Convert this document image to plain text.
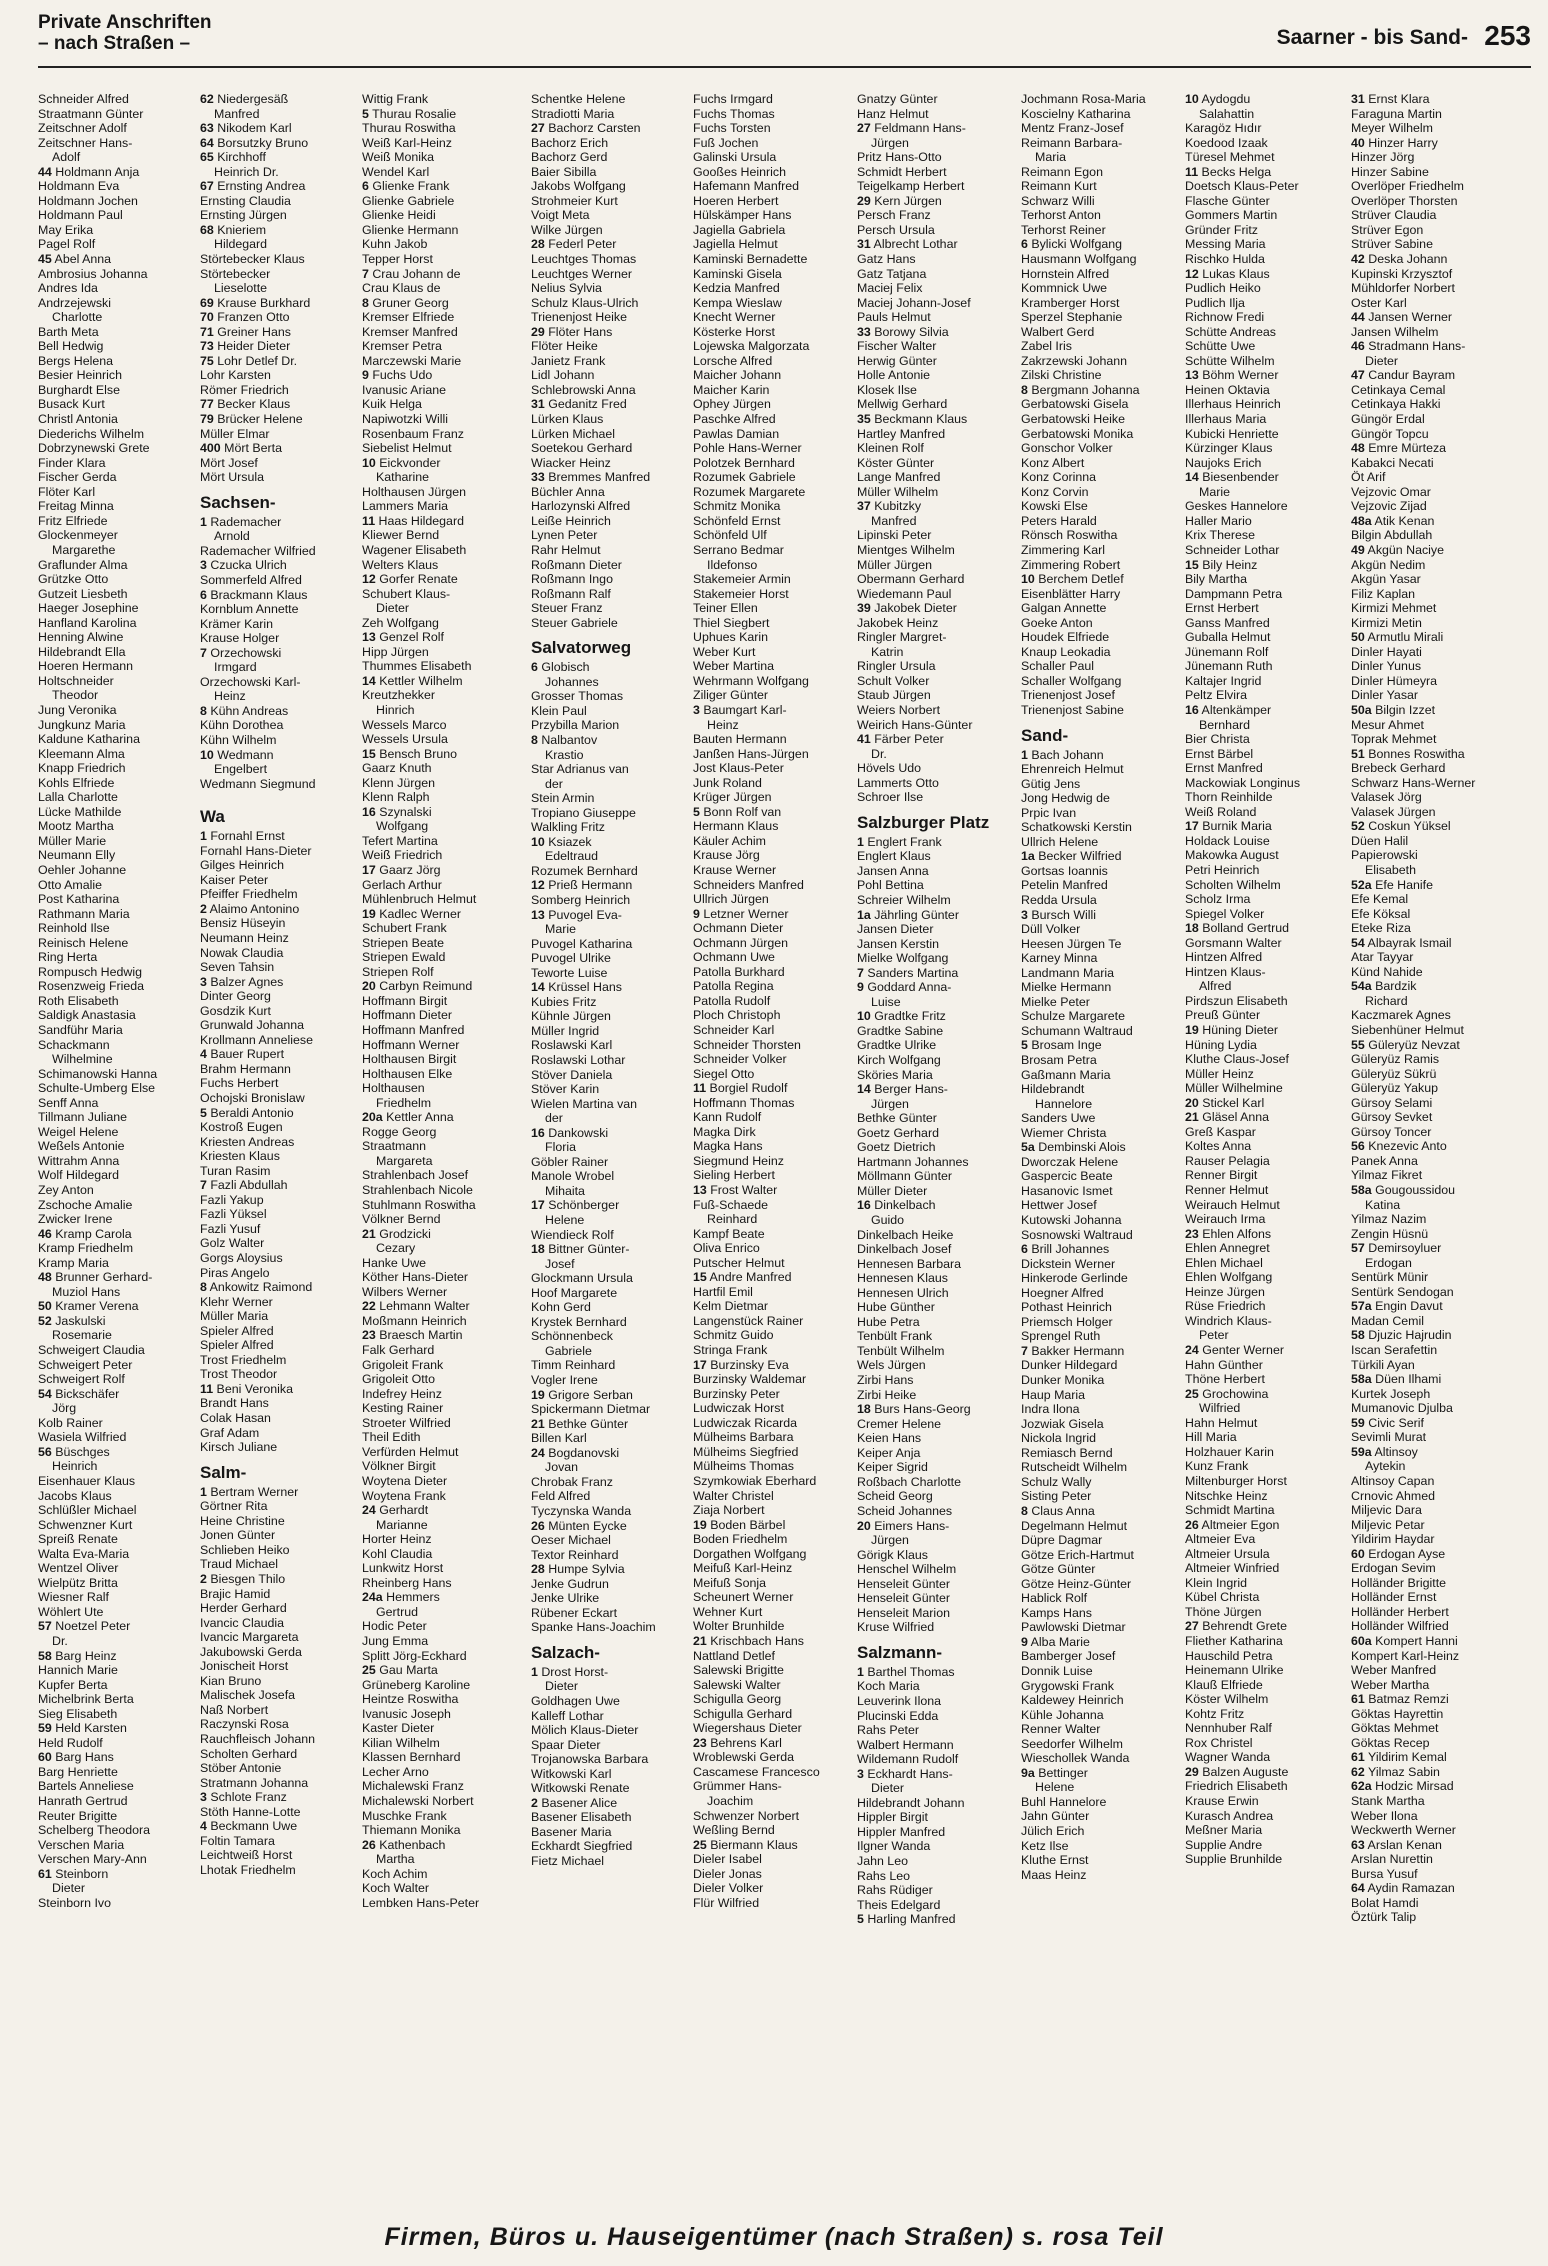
Private Anschriften
– nach Straßen –	Saarner - bis Sand- 253
Schneider Alfred
Straatmann Günter
Zeitschner Adolf
Zeitschner Hans-
Adolf
44 Holdmann Anja
Holdmann Eva
Holdmann Jochen
Holdmann Paul
May Erika
Pagel Rolf
45 Abel Anna
Ambrosius Johanna
Andres Ida
Andrzejewski
Charlotte
Barth Meta
Bell Hedwig
Bergs Helena
Besier Heinrich
Burghardt Else
Busack Kurt
Christl Antonia
Diederichs Wilhelm
Dobrzynewski Grete
Finder Klara
Fischer Gerda
Flöter Karl
Freitag Minna
Fritz Elfriede
Glockenmeyer
Margarethe
Graflunder Alma
Grützke Otto
Gutzeit Liesbeth
Haeger Josephine
Hanfland Karolina
Henning Alwine
Hildebrandt Ella
Hoeren Hermann
Holtschneider
Theodor
Jung Veronika
Jungkunz Maria
Kaldune Katharina
Kleemann Alma
Knapp Friedrich
Kohls Elfriede
Lalla Charlotte
Lücke Mathilde
Mootz Martha
Müller Marie
Neumann Elly
Oehler Johanne
Otto Amalie
Post Katharina
Rathmann Maria
Reinhold Ilse
Reinisch Helene
Ring Herta
Rompusch Hedwig
Rosenzweig Frieda
Roth Elisabeth
Saldigk Anastasia
Sandführ Maria
Schackmann
Wilhelmine
Schimanowski Hanna
Schulte-Umberg Else
Senff Anna
Tillmann Juliane
Weigel Helene
Weßels Antonie
Wittrahm Anna
Wolf Hildegard
Zey Anton
Zschoche Amalie
Zwicker Irene
46 Kramp Carola
Kramp Friedhelm
Kramp Maria
48 Brunner Gerhard-
Muziol Hans
50 Kramer Verena
52 Jaskulski
Rosemarie
Schweigert Claudia
Schweigert Peter
Schweigert Rolf
54 Bickschäfer
Jörg
Kolb Rainer
Wasiela Wilfried
56 Büschges
Heinrich
Eisenhauer Klaus
Jacobs Klaus
Schlüßler Michael
Schwenzner Kurt
Spreiß Renate
Walta Eva-Maria
Wentzel Oliver
Wielpütz Britta
Wiesner Ralf
Wöhlert Ute
57 Noetzel Peter
Dr.
58 Barg Heinz
Hannich Marie
Kupfer Berta
Michelbrink Berta
Sieg Elisabeth
59 Held Karsten
Held Rudolf
60 Barg Hans
Barg Henriette
Bartels Anneliese
Hanrath Gertrud
Reuter Brigitte
Schelberg Theodora
Verschen Maria
Verschen Mary-Ann
61 Steinborn
Dieter
Steinborn Ivo
62 Niedergesäß
Manfred
63 Nikodem Karl
64 Borsutzky Bruno
65 Kirchhoff
Heinrich Dr.
67 Ernsting Andrea
Ernsting Claudia
Ernsting Jürgen
68 Knieriem
Hildegard
Störtebecker Klaus
Störtebecker
Lieselotte
69 Krause Burkhard
70 Franzen Otto
71 Greiner Hans
73 Heider Dieter
75 Lohr Detlef Dr.
Lohr Karsten
Römer Friedrich
77 Becker Klaus
79 Brücker Helene
Müller Elmar
400 Mört Berta
Mört Josef
Mört Ursula
Sachsen-
1 Rademacher
Arnold
Rademacher Wilfried
3 Czucka Ulrich
Sommerfeld Alfred
6 Brackmann Klaus
Kornblum Annette
Krämer Karin
Krause Holger
7 Orzechowski
Irmgard
Orzechowski Karl-
Heinz
8 Kühn Andreas
Kühn Dorothea
Kühn Wilhelm
10 Wedmann
Engelbert
Wedmann Siegmund
Wa
1 Fornahl Ernst
Fornahl Hans-Dieter
Gilges Heinrich
Kaiser Peter
Pfeiffer Friedhelm
2 Alaimo Antonino
Bensiz Hüseyin
Neumann Heinz
Nowak Claudia
Seven Tahsin
3 Balzer Agnes
Dinter Georg
Gosdzik Kurt
Grunwald Johanna
Krollmann Anneliese
4 Bauer Rupert
Brahm Hermann
Fuchs Herbert
Ochojski Bronislaw
5 Beraldi Antonio
Kostroß Eugen
Kriesten Andreas
Kriesten Klaus
Turan Rasim
7 Fazli Abdullah
Fazli Yakup
Fazli Yüksel
Fazli Yusuf
Golz Walter
Gorgs Aloysius
Piras Angelo
8 Ankowitz Raimond
Klehr Werner
Müller Maria
Spieler Alfred
Spieler Alfred
Trost Friedhelm
Trost Theodor
11 Beni Veronika
Brandt Hans
Colak Hasan
Graf Adam
Kirsch Juliane
Salm-
1 Bertram Werner
Görtner Rita
Heine Christine
Jonen Günter
Schlieben Heiko
Traud Michael
2 Biesgen Thilo
Brajic Hamid
Herder Gerhard
Ivancic Claudia
Ivancic Margareta
Jakubowski Gerda
Jonischeit Horst
Kian Bruno
Malischek Josefa
Naß Norbert
Raczynski Rosa
Rauchfleisch Johann
Scholten Gerhard
Stöber Antonie
Stratmann Johanna
3 Schlote Franz
Stöth Hanne-Lotte
4 Beckmann Uwe
Foltin Tamara
Leichtweiß Horst
Lhotak Friedhelm
Wittig Frank
5 Thurau Rosalie
Thurau Roswitha
Weiß Karl-Heinz
Weiß Monika
Wendel Karl
6 Glienke Frank
Glienke Gabriele
Glienke Heidi
Glienke Hermann
Kuhn Jakob
Tepper Horst
7 Crau Johann de
Crau Klaus de
8 Gruner Georg
Kremser Elfriede
Kremser Manfred
Kremser Petra
Marczewski Marie
9 Fuchs Udo
Ivanusic Ariane
Kuik Helga
Napiwotzki Willi
Rosenbaum Franz
Siebelist Helmut
10 Eickvonder
Katharine
Holthausen Jürgen
Lammers Maria
11 Haas Hildegard
Kliewer Bernd
Wagener Elisabeth
Welters Klaus
12 Gorfer Renate
Schubert Klaus-
Dieter
Zeh Wolfgang
13 Genzel Rolf
Hipp Jürgen
Thummes Elisabeth
14 Kettler Wilhelm
Kreutzhekker
Hinrich
Wessels Marco
Wessels Ursula
15 Bensch Bruno
Gaarz Knuth
Klenn Jürgen
Klenn Ralph
16 Szynalski
Wolfgang
Tefert Martina
Weiß Friedrich
17 Gaarz Jörg
Gerlach Arthur
Mühlenbruch Helmut
19 Kadlec Werner
Schubert Frank
Striepen Beate
Striepen Ewald
Striepen Rolf
20 Carbyn Reimund
Hoffmann Birgit
Hoffmann Dieter
Hoffmann Manfred
Hoffmann Werner
Holthausen Birgit
Holthausen Elke
Holthausen
Friedhelm
20a Kettler Anna
Rogge Georg
Straatmann
Margareta
Strahlenbach Josef
Strahlenbach Nicole
Stuhlmann Roswitha
Völkner Bernd
21 Grodzicki
Cezary
Hanke Uwe
Köther Hans-Dieter
Wilbers Werner
22 Lehmann Walter
Moßmann Heinrich
23 Braesch Martin
Falk Gerhard
Grigoleit Frank
Grigoleit Otto
Indefrey Heinz
Kesting Rainer
Stroeter Wilfried
Theil Edith
Verfürden Helmut
Völkner Birgit
Woytena Dieter
Woytena Frank
24 Gerhardt
Marianne
Horter Heinz
Kohl Claudia
Lunkwitz Horst
Rheinberg Hans
24a Hemmers
Gertrud
Hodic Peter
Jung Emma
Splitt Jörg-Eckhard
25 Gau Marta
Grüneberg Karoline
Heintze Roswitha
Ivanusic Joseph
Kaster Dieter
Kilian Wilhelm
Klassen Bernhard
Lecher Arno
Michalewski Franz
Michalewski Norbert
Muschke Frank
Thiemann Monika
26 Kathenbach
Martha
Koch Achim
Koch Walter
Lembken Hans-Peter
Schentke Helene
Stradiotti Maria
27 Bachorz Carsten
Bachorz Erich
Bachorz Gerd
Baier Sibilla
Jakobs Wolfgang
Strohmeier Kurt
Voigt Meta
Wilke Jürgen
28 Federl Peter
Leuchtges Thomas
Leuchtges Werner
Nelius Sylvia
Schulz Klaus-Ulrich
Trienenjost Heike
29 Flöter Hans
Flöter Heike
Janietz Frank
Lidl Johann
Schlebrowski Anna
31 Gedanitz Fred
Lürken Klaus
Lürken Michael
Soetekou Gerhard
Wiacker Heinz
33 Bremmes Manfred
Büchler Anna
Harlozynski Alfred
Leiße Heinrich
Lynen Peter
Rahr Helmut
Roßmann Dieter
Roßmann Ingo
Roßmann Ralf
Steuer Franz
Steuer Gabriele
Salvatorweg
6 Globisch
Johannes
Grosser Thomas
Klein Paul
Przybilla Marion
8 Nalbantov
Krastio
Star Adrianus van
der
Stein Armin
Tropiano Giuseppe
Walkling Fritz
10 Ksiazek
Edeltraud
Rozumek Bernhard
12 Prieß Hermann
Somberg Heinrich
13 Puvogel Eva-
Marie
Puvogel Katharina
Puvogel Ulrike
Teworte Luise
14 Krüssel Hans
Kubies Fritz
Kühnle Jürgen
Müller Ingrid
Roslawski Karl
Roslawski Lothar
Stöver Daniela
Stöver Karin
Wielen Martina van
der
16 Dankowski
Floria
Göbler Rainer
Manole Wrobel
Mihaita
17 Schönberger
Helene
Wiendieck Rolf
18 Bittner Günter-
Josef
Glockmann Ursula
Hoof Margarete
Kohn Gerd
Krystek Bernhard
Schönnenbeck
Gabriele
Timm Reinhard
Vogler Irene
19 Grigore Serban
Spickermann Dietmar
21 Bethke Günter
Billen Karl
24 Bogdanovski
Jovan
Chrobak Franz
Feld Alfred
Tyczynska Wanda
26 Münten Eycke
Oeser Michael
Textor Reinhard
28 Humpe Sylvia
Jenke Gudrun
Jenke Ulrike
Rübener Eckart
Spanke Hans-Joachim
Salzach-
1 Drost Horst-
Dieter
Goldhagen Uwe
Kalleff Lothar
Mölich Klaus-Dieter
Spaar Dieter
Trojanowska Barbara
Witkowski Karl
Witkowski Renate
2 Basener Alice
Basener Elisabeth
Basener Maria
Eckhardt Siegfried
Fietz Michael
Fuchs Irmgard
Fuchs Thomas
Fuchs Torsten
Fuß Jochen
Galinski Ursula
Gooßes Heinrich
Hafemann Manfred
Hoeren Herbert
Hülskämper Hans
Jagiella Gabriela
Jagiella Helmut
Kaminski Bernadette
Kaminski Gisela
Kedzia Manfred
Kempa Wieslaw
Knecht Werner
Kösterke Horst
Lojewska Malgorzata
Lorsche Alfred
Maicher Johann
Maicher Karin
Ophey Jürgen
Paschke Alfred
Pawlas Damian
Pohle Hans-Werner
Polotzek Bernhard
Rozumek Gabriele
Rozumek Margarete
Schmitz Monika
Schönfeld Ernst
Schönfeld Ulf
Serrano Bedmar
Ildefonso
Stakemeier Armin
Stakemeier Horst
Teiner Ellen
Thiel Siegbert
Uphues Karin
Weber Kurt
Weber Martina
Wehrmann Wolfgang
Ziliger Günter
3 Baumgart Karl-
Heinz
Bauten Hermann
Janßen Hans-Jürgen
Jost Klaus-Peter
Junk Roland
Krüger Jürgen
5 Bonn Rolf van
Hermann Klaus
Käuler Achim
Krause Jörg
Krause Werner
Schneiders Manfred
Ullrich Jürgen
9 Letzner Werner
Ochmann Dieter
Ochmann Jürgen
Ochmann Uwe
Patolla Burkhard
Patolla Regina
Patolla Rudolf
Ploch Christoph
Schneider Karl
Schneider Thorsten
Schneider Volker
Siegel Otto
11 Borgiel Rudolf
Hoffmann Thomas
Kann Rudolf
Magka Dirk
Magka Hans
Siegmund Heinz
Sieling Herbert
13 Frost Walter
Fuß-Schaede
Reinhard
Kampf Beate
Oliva Enrico
Putscher Helmut
15 Andre Manfred
Hartfil Emil
Kelm Dietmar
Langenstück Rainer
Schmitz Guido
Stringa Frank
17 Burzinsky Eva
Burzinsky Waldemar
Burzinsky Peter
Ludwiczak Horst
Ludwiczak Ricarda
Mülheims Barbara
Mülheims Siegfried
Mülheims Thomas
Szymkowiak Eberhard
Walter Christel
Ziaja Norbert
19 Boden Bärbel
Boden Friedhelm
Dorgathen Wolfgang
Meifuß Karl-Heinz
Meifuß Sonja
Scheunert Werner
Wehner Kurt
Wolter Brunhilde
21 Krischbach Hans
Nattland Detlef
Salewski Brigitte
Salewski Walter
Schigulla Georg
Schigulla Gerhard
Wiegershaus Dieter
23 Behrens Karl
Wroblewski Gerda
Cascamese Francesco
Grümmer Hans-
Joachim
Schwenzer Norbert
Weßling Bernd
25 Biermann Klaus
Dieler Isabel
Dieler Jonas
Dieler Volker
Flür Wilfried
Gnatzy Günter
Hanz Helmut
27 Feldmann Hans-
Jürgen
Pritz Hans-Otto
Schmidt Herbert
Teigelkamp Herbert
29 Kern Jürgen
Persch Franz
Persch Ursula
31 Albrecht Lothar
Gatz Hans
Gatz Tatjana
Maciej Felix
Maciej Johann-Josef
Pauls Helmut
33 Borowy Silvia
Fischer Walter
Herwig Günter
Holle Antonie
Klosek Ilse
Mellwig Gerhard
35 Beckmann Klaus
Hartley Manfred
Kleinen Rolf
Köster Günter
Lange Manfred
Müller Wilhelm
37 Kubitzky
Manfred
Lipinski Peter
Mientges Wilhelm
Müller Jürgen
Obermann Gerhard
Wiedemann Paul
39 Jakobek Dieter
Jakobek Heinz
Ringler Margret-
Katrin
Ringler Ursula
Schult Volker
Staub Jürgen
Weiers Norbert
Weirich Hans-Günter
41 Färber Peter
Dr.
Hövels Udo
Lammerts Otto
Schroer Ilse
Salzburger Platz
1 Englert Frank
Englert Klaus
Jansen Anna
Pohl Bettina
Schreier Wilhelm
1a Jährling Günter
Jansen Dieter
Jansen Kerstin
Mielke Wolfgang
7 Sanders Martina
9 Goddard Anna-
Luise
10 Gradtke Fritz
Gradtke Sabine
Gradtke Ulrike
Kirch Wolfgang
Sköries Maria
14 Berger Hans-
Jürgen
Bethke Günter
Goetz Gerhard
Goetz Dietrich
Hartmann Johannes
Möllmann Günter
Müller Dieter
16 Dinkelbach
Guido
Dinkelbach Heike
Dinkelbach Josef
Hennesen Barbara
Hennesen Klaus
Hennesen Ulrich
Hube Günther
Hube Petra
Tenbült Frank
Tenbült Wilhelm
Wels Jürgen
Zirbi Hans
Zirbi Heike
18 Burs Hans-Georg
Cremer Helene
Keien Hans
Keiper Anja
Keiper Sigrid
Roßbach Charlotte
Scheid Georg
Scheid Johannes
20 Eimers Hans-
Jürgen
Görigk Klaus
Henschel Wilhelm
Henseleit Günter
Henseleit Günter
Henseleit Marion
Kruse Wilfried
Salzmann-
1 Barthel Thomas
Koch Maria
Leuverink Ilona
Plucinski Edda
Rahs Peter
Walbert Hermann
Wildemann Rudolf
3 Eckhardt Hans-
Dieter
Hildebrandt Johann
Hippler Birgit
Hippler Manfred
Ilgner Wanda
Jahn Leo
Rahs Leo
Rahs Rüdiger
Theis Edelgard
5 Harling Manfred
Jochmann Rosa-Maria
Koscielny Katharina
Mentz Franz-Josef
Reimann Barbara-
Maria
Reimann Egon
Reimann Kurt
Schwarz Willi
Terhorst Anton
Terhorst Reiner
6 Bylicki Wolfgang
Hausmann Wolfgang
Hornstein Alfred
Kommnick Uwe
Kramberger Horst
Sperzel Stephanie
Walbert Gerd
Zabel Iris
Zakrzewski Johann
Zilski Christine
8 Bergmann Johanna
Gerbatowski Gisela
Gerbatowski Heike
Gerbatowski Monika
Gonschor Volker
Konz Albert
Konz Corinna
Konz Corvin
Kowski Else
Peters Harald
Rönsch Roswitha
Zimmering Karl
Zimmering Robert
10 Berchem Detlef
Eisenblätter Harry
Galgan Annette
Goeke Anton
Houdek Elfriede
Knaup Leokadia
Schaller Paul
Schaller Wolfgang
Trienenjost Josef
Trienenjost Sabine
Sand-
1 Bach Johann
Ehrenreich Helmut
Gütig Jens
Jong Hedwig de
Prpic Ivan
Schatkowski Kerstin
Ullrich Helene
1a Becker Wilfried
Gortsas Ioannis
Petelin Manfred
Redda Ursula
3 Bursch Willi
Düll Volker
Heesen Jürgen Te
Karney Minna
Landmann Maria
Mielke Hermann
Mielke Peter
Schulze Margarete
Schumann Waltraud
5 Brosam Inge
Brosam Petra
Gaßmann Maria
Hildebrandt
Hannelore
Sanders Uwe
Wiemer Christa
5a Dembinski Alois
Dworczak Helene
Gaspercic Beate
Hasanovic Ismet
Hettwer Josef
Kutowski Johanna
Sosnowski Waltraud
6 Brill Johannes
Dickstein Werner
Hinkerode Gerlinde
Hoegner Alfred
Pothast Heinrich
Priemsch Holger
Sprengel Ruth
7 Bakker Hermann
Dunker Hildegard
Dunker Monika
Haup Maria
Indra Ilona
Jozwiak Gisela
Nickola Ingrid
Remiasch Bernd
Rutscheidt Wilhelm
Schulz Wally
Sisting Peter
8 Claus Anna
Degelmann Helmut
Düpre Dagmar
Götze Erich-Hartmut
Götze Günter
Götze Heinz-Günter
Hablick Rolf
Kamps Hans
Pawlowski Dietmar
9 Alba Marie
Bamberger Josef
Donnik Luise
Grygowski Frank
Kaldewey Heinrich
Kühle Johanna
Renner Walter
Seedorfer Wilhelm
Wieschollek Wanda
9a Bettinger
Helene
Buhl Hannelore
Jahn Günter
Jülich Erich
Ketz Ilse
Kluthe Ernst
Maas Heinz
10 Aydogdu
Salahattin
Karagöz Hıdır
Koedood Izaak
Türesel Mehmet
11 Becks Helga
Doetsch Klaus-Peter
Flasche Günter
Gommers Martin
Gründer Fritz
Messing Maria
Rischko Hulda
12 Lukas Klaus
Pudlich Heiko
Pudlich Ilja
Richnow Fredi
Schütte Andreas
Schütte Uwe
Schütte Wilhelm
13 Böhm Werner
Heinen Oktavia
Illerhaus Heinrich
Illerhaus Maria
Kubicki Henriette
Kürzinger Klaus
Naujoks Erich
14 Biesenbender
Marie
Geskes Hannelore
Haller Mario
Krix Therese
Schneider Lothar
15 Bily Heinz
Bily Martha
Dampmann Petra
Ernst Herbert
Ganss Manfred
Guballa Helmut
Jünemann Rolf
Jünemann Ruth
Kaltajer Ingrid
Peltz Elvira
16 Altenkämper
Bernhard
Bier Christa
Ernst Bärbel
Ernst Manfred
Mackowiak Longinus
Thorn Reinhilde
Weiß Roland
17 Burnik Maria
Holdack Louise
Makowka August
Petri Heinrich
Scholten Wilhelm
Scholz Irma
Spiegel Volker
18 Bolland Gertrud
Gorsmann Walter
Hintzen Alfred
Hintzen Klaus-
Alfred
Pirdszun Elisabeth
Preuß Günter
19 Hüning Dieter
Hüning Lydia
Kluthe Claus-Josef
Müller Heinz
Müller Wilhelmine
20 Stickel Karl
21 Gläsel Anna
Greß Kaspar
Koltes Anna
Rauser Pelagia
Renner Birgit
Renner Helmut
Weirauch Helmut
Weirauch Irma
23 Ehlen Alfons
Ehlen Annegret
Ehlen Michael
Ehlen Wolfgang
Heinze Jürgen
Rüse Friedrich
Windrich Klaus-
Peter
24 Genter Werner
Hahn Günther
Thöne Herbert
25 Grochowina
Wilfried
Hahn Helmut
Hill Maria
Holzhauer Karin
Kunz Frank
Miltenburger Horst
Nitschke Heinz
Schmidt Martina
26 Altmeier Egon
Altmeier Eva
Altmeier Ursula
Altmeier Winfried
Klein Ingrid
Kübel Christa
Thöne Jürgen
27 Behrendt Grete
Fliether Katharina
Hauschild Petra
Heinemann Ulrike
Klauß Elfriede
Köster Wilhelm
Kohtz Fritz
Nennhuber Ralf
Rox Christel
Wagner Wanda
29 Balzen Auguste
Friedrich Elisabeth
Krause Erwin
Kurasch Andrea
Meßner Maria
Supplie Andre
Supplie Brunhilde
31 Ernst Klara
Faraguna Martin
Meyer Wilhelm
40 Hinzer Harry
Hinzer Jörg
Hinzer Sabine
Overlöper Friedhelm
Overlöper Thorsten
Strüver Claudia
Strüver Egon
Strüver Sabine
42 Deska Johann
Kupinski Krzysztof
Mühldorfer Norbert
Oster Karl
44 Jansen Werner
Jansen Wilhelm
46 Stradmann Hans-
Dieter
47 Candur Bayram
Cetinkaya Cemal
Cetinkaya Hakki
Güngör Erdal
Güngör Topcu
48 Emre Mürteza
Kabakci Necati
Öt Arif
Vejzovic Omar
Vejzovic Zijad
48a Atik Kenan
Bilgin Abdullah
49 Akgün Naciye
Akgün Nedim
Akgün Yasar
Filiz Kaplan
Kirmizi Mehmet
Kirmizi Metin
50 Armutlu Mirali
Dinler Hayati
Dinler Yunus
Dinler Hümeyra
Dinler Yasar
50a Bilgin Izzet
Mesur Ahmet
Toprak Mehmet
51 Bonnes Roswitha
Brebeck Gerhard
Schwarz Hans-Werner
Valasek Jörg
Valasek Jürgen
52 Coskun Yüksel
Düen Halil
Papierowski
Elisabeth
52a Efe Hanife
Efe Kemal
Efe Köksal
Eteke Riza
54 Albayrak Ismail
Atar Tayyar
Künd Nahide
54a Bardzik
Richard
Kaczmarek Agnes
Siebenhüner Helmut
55 Güleryüz Nevzat
Güleryüz Ramis
Güleryüz Sükrü
Güleryüz Yakup
Gürsoy Selami
Gürsoy Sevket
Gürsoy Toncer
56 Knezevic Anto
Panek Anna
Yilmaz Fikret
58a Gougoussidou
Katina
Yilmaz Nazim
Zengin Hüsnü
57 Demirsoyluer
Erdogan
Sentürk Münir
Sentürk Sendogan
57a Engin Davut
Madan Cemil
58 Djuzic Hajrudin
Iscan Serafettin
Türkili Ayan
58a Düen Ilhami
Kurtek Joseph
Mumanovic Djulba
59 Civic Serif
Sevimli Murat
59a Altinsoy
Aytekin
Altinsoy Capan
Crnovic Ahmed
Miljevic Dara
Miljevic Petar
Yildirim Haydar
60 Erdogan Ayse
Erdogan Sevim
Holländer Brigitte
Holländer Ernst
Holländer Herbert
Holländer Wilfried
60a Kompert Hanni
Kompert Karl-Heinz
Weber Manfred
Weber Martha
61 Batmaz Remzi
Göktas Hayrettin
Göktas Mehmet
Göktas Recep
61 Yildirim Kemal
62 Yilmaz Sabin
62a Hodzic Mirsad
Stank Martha
Weber Ilona
Weckwerth Werner
63 Arslan Kenan
Arslan Nurettin
Bursa Yusuf
64 Aydin Ramazan
Bolat Hamdi
Öztürk Talip
Firmen, Büros u. Hauseigentümer (nach Straßen) s. rosa Teil
